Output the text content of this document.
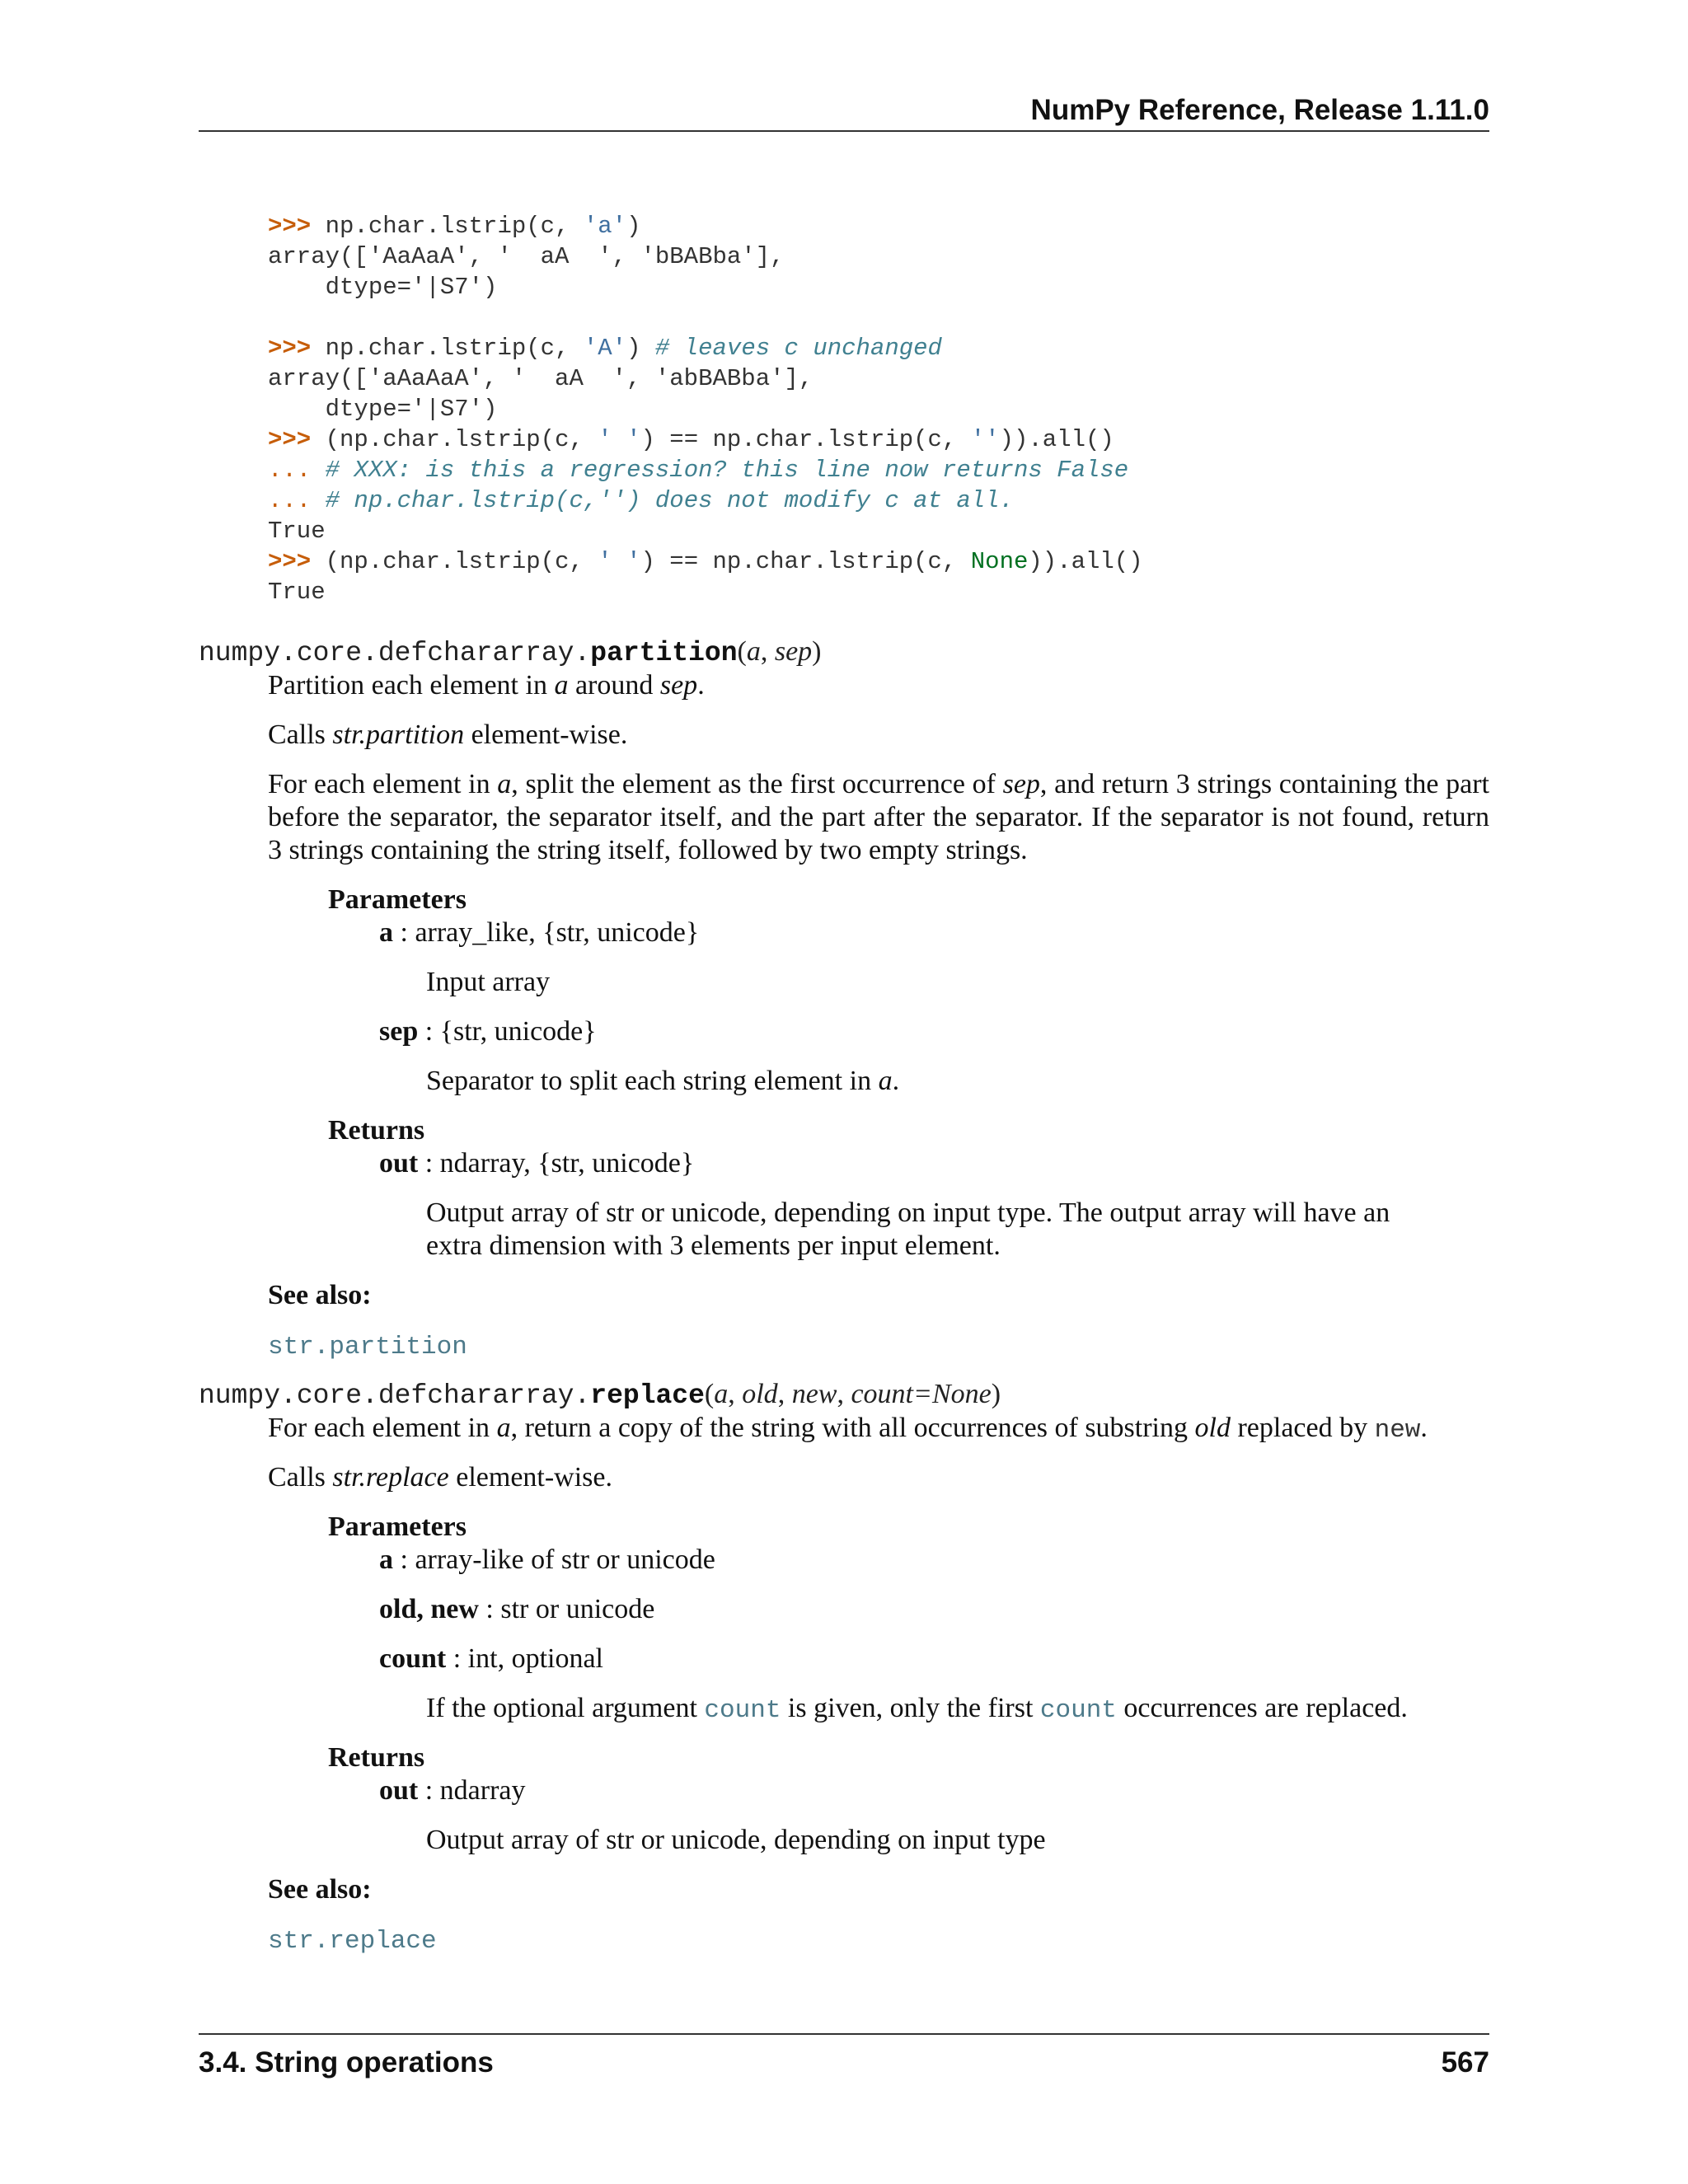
NumPy Reference, Release 1.11.0
>>> np.char.lstrip(c, 'a')
array(['AaAaA', '  aA  ', 'bBABba'],
dtype='|S7')
>>> np.char.lstrip(c, 'A') # leaves c unchanged
array(['aAaAaA', '  aA  ', 'abBABba'],
dtype='|S7')
>>> (np.char.lstrip(c, ' ') == np.char.lstrip(c, '')).all()
... # XXX: is this a regression? this line now returns False
... # np.char.lstrip(c,'') does not modify c at all.
True
>>> (np.char.lstrip(c, ' ') == np.char.lstrip(c, None)).all()
True
numpy.core.defchararray.partition(a, sep)
Partition each element in a around sep.
Calls str.partition element-wise.
For each element in a, split the element as the first occurrence of sep, and return 3 strings containing the part before the separator, the separator itself, and the part after the separator. If the separator is not found, return 3 strings containing the string itself, followed by two empty strings.
Parameters
a : array_like, {str, unicode}
Input array
sep : {str, unicode}
Separator to split each string element in a.
Returns
out : ndarray, {str, unicode}
Output array of str or unicode, depending on input type. The output array will have an extra dimension with 3 elements per input element.
See also:
str.partition
numpy.core.defchararray.replace(a, old, new, count=None)
For each element in a, return a copy of the string with all occurrences of substring old replaced by new.
Calls str.replace element-wise.
Parameters
a : array-like of str or unicode
old, new : str or unicode
count : int, optional
If the optional argument count is given, only the first count occurrences are replaced.
Returns
out : ndarray
Output array of str or unicode, depending on input type
See also:
str.replace
3.4. String operations	567
